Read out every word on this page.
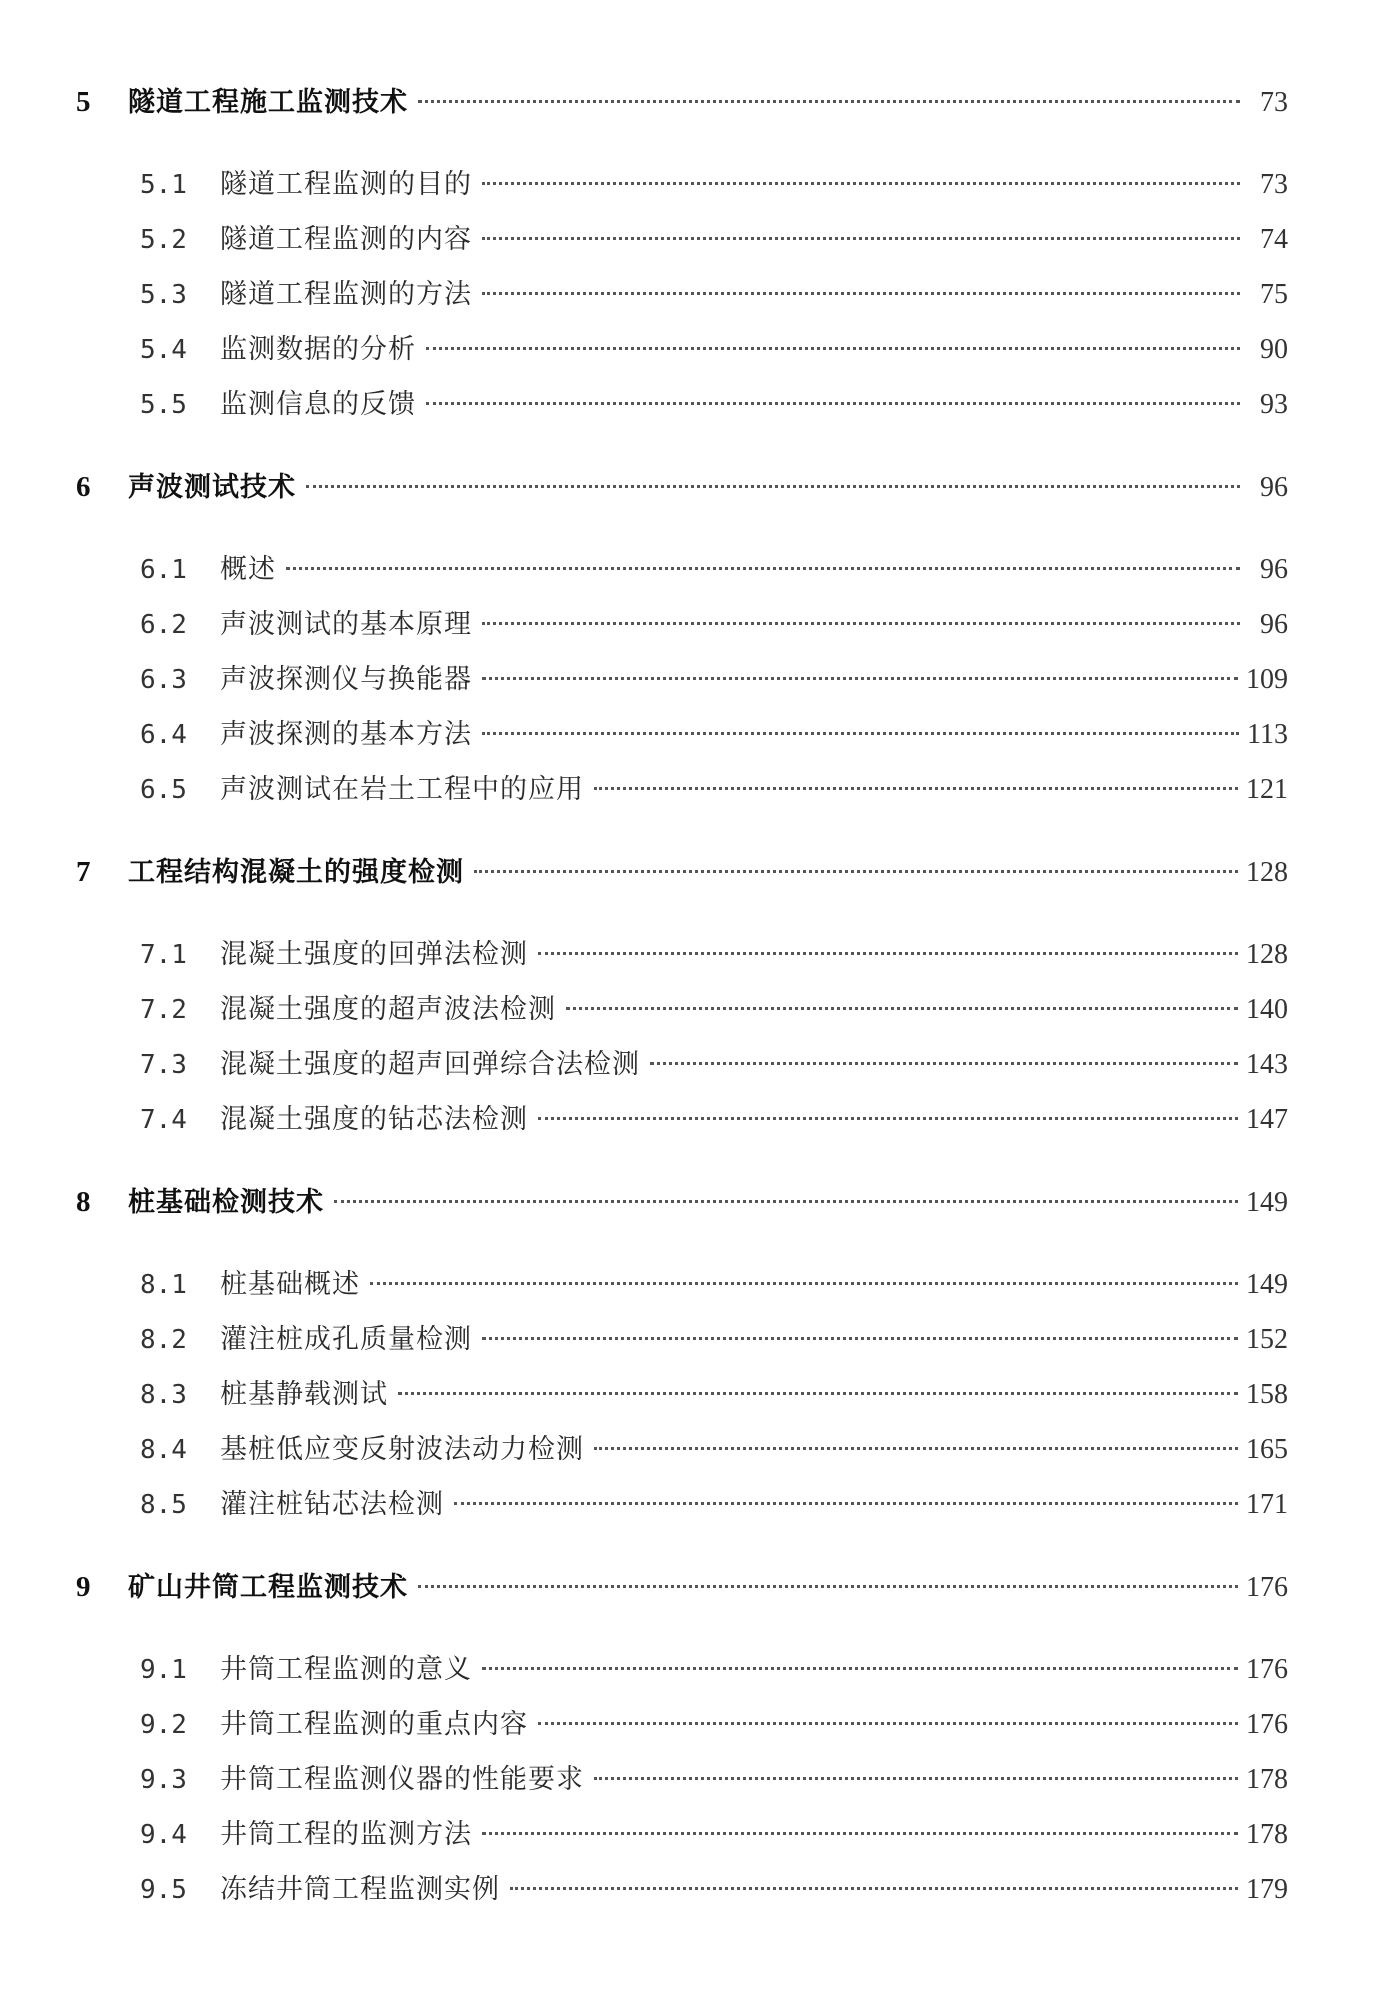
5	隧道工程施工监测技术	73
5.1	隧道工程监测的目的	73
5.2	隧道工程监测的内容	74
5.3	隧道工程监测的方法	75
5.4	监测数据的分析	90
5.5	监测信息的反馈	93
6	声波测试技术	96
6.1	概述	96
6.2	声波测试的基本原理	96
6.3	声波探测仪与换能器	109
6.4	声波探测的基本方法	113
6.5	声波测试在岩土工程中的应用	121
7	工程结构混凝土的强度检测	128
7.1	混凝土强度的回弹法检测	128
7.2	混凝土强度的超声波法检测	140
7.3	混凝土强度的超声回弹综合法检测	143
7.4	混凝土强度的钻芯法检测	147
8	桩基础检测技术	149
8.1	桩基础概述	149
8.2	灌注桩成孔质量检测	152
8.3	桩基静载测试	158
8.4	基桩低应变反射波法动力检测	165
8.5	灌注桩钻芯法检测	171
9	矿山井筒工程监测技术	176
9.1	井筒工程监测的意义	176
9.2	井筒工程监测的重点内容	176
9.3	井筒工程监测仪器的性能要求	178
9.4	井筒工程的监测方法	178
9.5	冻结井筒工程监测实例	179
